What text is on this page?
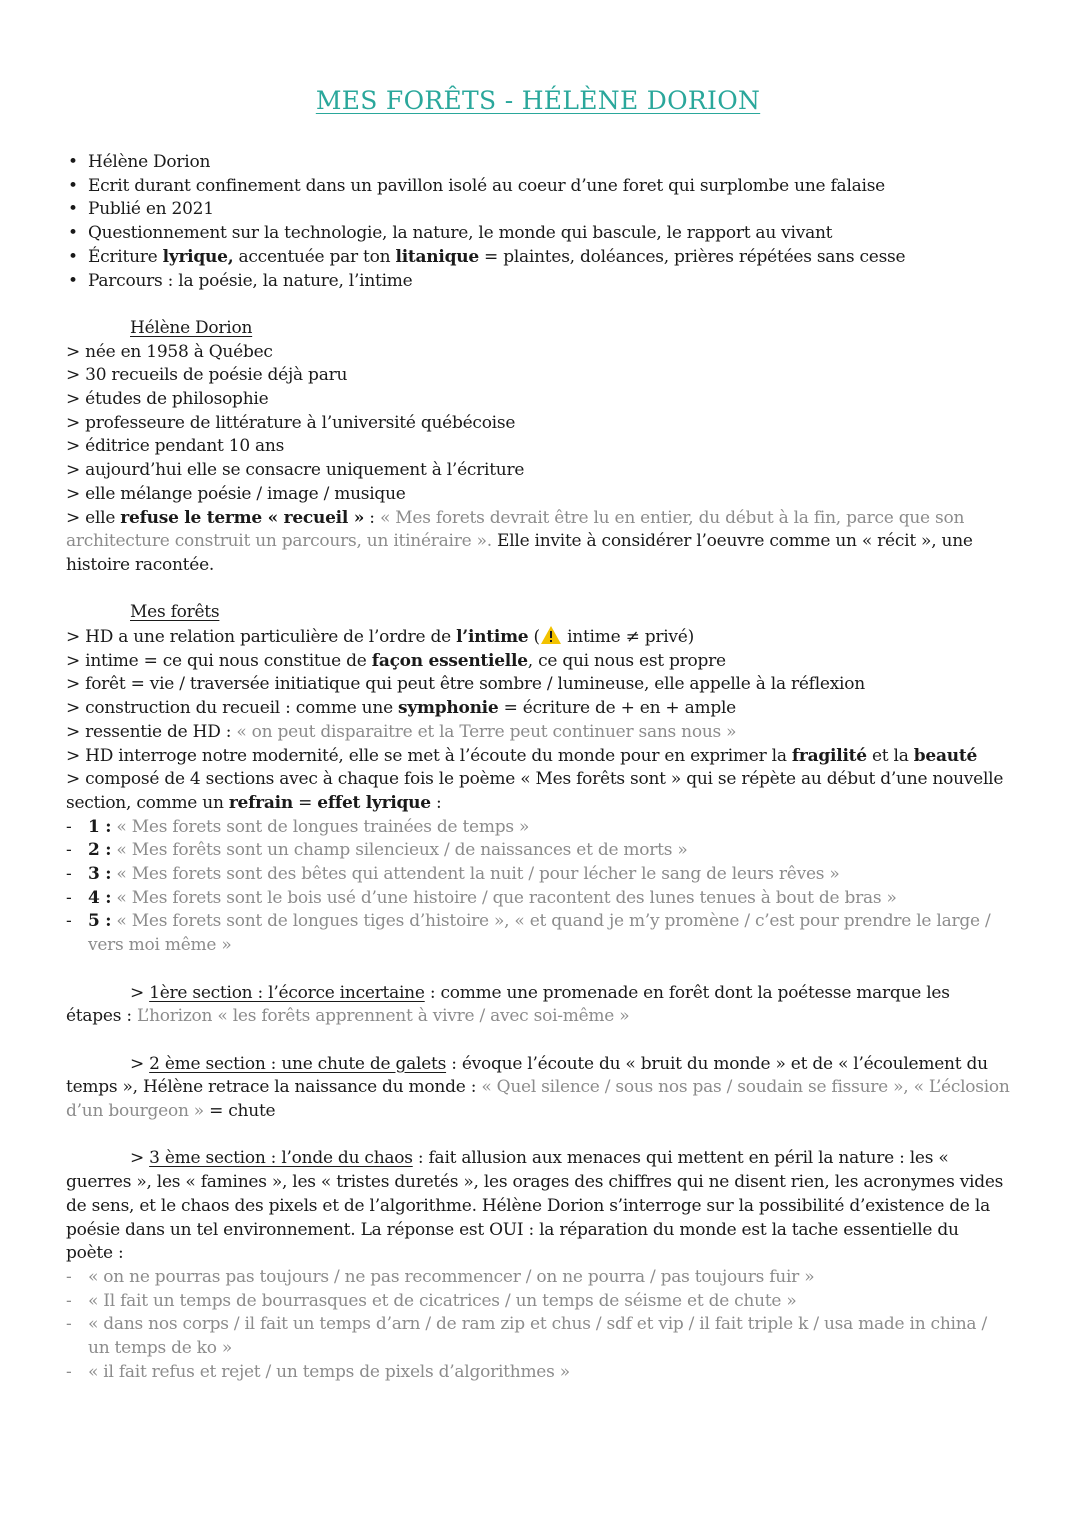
MES FORÊTS - HÉLÈNE DORION
• Hélène Dorion
• Ecrit durant confinement dans un pavillon isolé au coeur d’une foret qui surplombe une falaise
• Publié en 2021
• Questionnement sur la technologie, la nature, le monde qui bascule, le rapport au vivant
• Écriture lyrique, accentuée par ton litanique = plaintes, doléances, prières répétées sans cesse
• Parcours : la poésie, la nature, l’intime
Hélène Dorion
> née en 1958 à Québec
> 30 recueils de poésie déjà paru
> études de philosophie
> professeure de littérature à l’université québécoise
> éditrice pendant 10 ans
> aujourd’hui elle se consacre uniquement à l’écriture
> elle mélange poésie / image / musique
> elle refuse le terme « recueil » : « Mes forets devrait être lu en entier, du début à la fin, parce que son architecture construit un parcours, un itinéraire ». Elle invite à considérer l’oeuvre comme un « récit », une histoire racontée.
Mes forêts
> HD a une relation particulière de l’ordre de l’intime ( intime ≠ privé)
> intime = ce qui nous constitue de façon essentielle, ce qui nous est propre
> forêt = vie / traversée initiatique qui peut être sombre / lumineuse, elle appelle à la réflexion
> construction du recueil : comme une symphonie = écriture de + en + ample
> ressentie de HD : « on peut disparaitre et la Terre peut continuer sans nous »
> HD interroge notre modernité, elle se met à l’écoute du monde pour en exprimer la fragilité et la beauté
> composé de 4 sections avec à chaque fois le poème « Mes forêts sont » qui se répète au début d’une nouvelle section, comme un refrain = effet lyrique :
- 1 : « Mes forets sont de longues trainées de temps »
- 2 : « Mes forêts sont un champ silencieux / de naissances et de morts »
- 3 : « Mes forets sont des bêtes qui attendent la nuit / pour lécher le sang de leurs rêves »
- 4 : « Mes forets sont le bois usé d’une histoire / que racontent des lunes tenues à bout de bras »
- 5 : « Mes forets sont de longues tiges d’histoire », « et quand je m’y promène / c’est pour prendre le large / vers moi même »
> 1ère section : l’écorce incertaine : comme une promenade en forêt dont la poétesse marque les étapes : L’horizon « les forêts apprennent à vivre / avec soi-même »
> 2 ème section : une chute de galets : évoque l’écoute du « bruit du monde » et de « l’écoulement du temps », Hélène retrace la naissance du monde : « Quel silence / sous nos pas / soudain se fissure », « L’éclosion d’un bourgeon » = chute
> 3 ème section : l’onde du chaos : fait allusion aux menaces qui mettent en péril la nature : les « guerres », les « famines », les « tristes duretés », les orages des chiffres qui ne disent rien, les acronymes vides de sens, et le chaos des pixels et de l’algorithme. Hélène Dorion s’interroge sur la possibilité d’existence de la poésie dans un tel environnement. La réponse est OUI : la réparation du monde est la tache essentielle du poète :
- « on ne pourras pas toujours / ne pas recommencer / on ne pourra / pas toujours fuir »
- « Il fait un temps de bourrasques et de cicatrices / un temps de séisme et de chute »
- « dans nos corps / il fait un temps d’arn / de ram zip et chus / sdf et vip / il fait triple k / usa made in china / un temps de ko »
- « il fait refus et rejet / un temps de pixels d’algorithmes »
